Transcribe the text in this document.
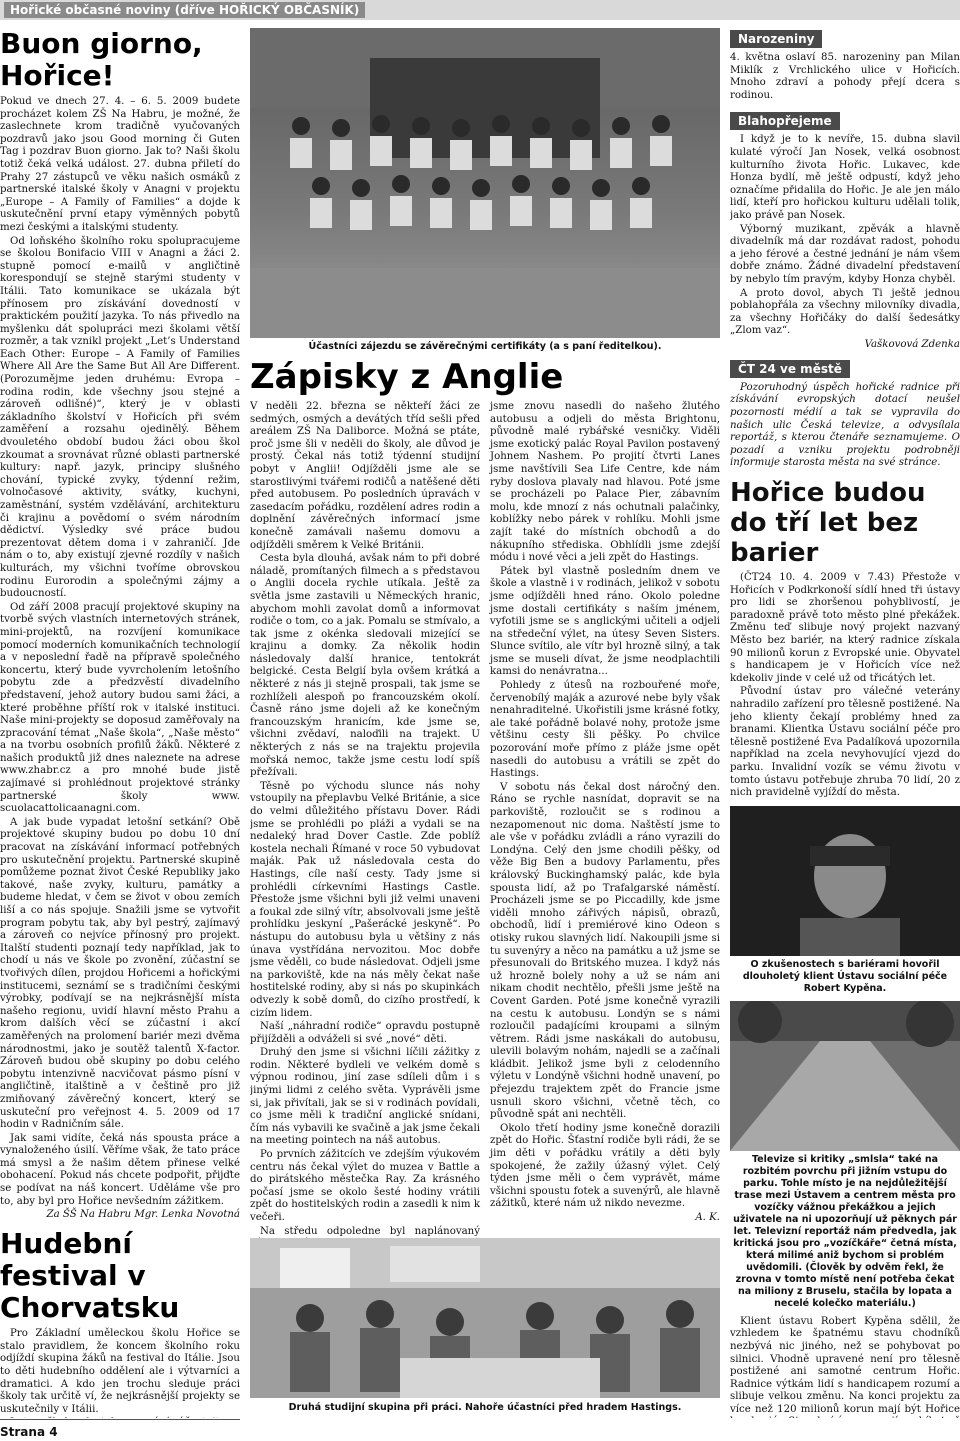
Hořické občasné noviny (dříve HOŘICKÝ OBČASNÍK)
Buon giorno, Hořice!

Pokud ve dnech 27. 4. – 6. 5. 2009 budete procházet kolem ZŠ Na Habru, je možné, že zaslechnete krom tradičně vyučovaných pozdravů jako jsou Good morning či Guten Tag i pozdrav Buon giorno. Jak to? Naši školu totiž čeká velká událost. 27. dubna přiletí do Prahy 27 zástupců ve věku našich osmáků z partnerské italské školy v Anagni v projektu „Europe – A Family of Families“ a dojde k uskutečnění první etapy výměnných pobytů mezi českými a italskými studenty.

Od loňského školního roku spolupracujeme se školou Bonifacio VIII v Anagni a žáci 2. stupně pomocí e-mailů v angličtině korespondují se stejně starými studenty v Itálii. Tato komunikace se ukázala být přínosem pro získávání dovedností v praktickém použití jazyka. To nás přivedlo na myšlenku dát spolupráci mezi školami větší rozměr, a tak vznikl projekt „Let’s Understand Each Other: Europe – A Family of Families Where All Are the Same But All Are Different. (Porozumějme jeden druhému: Evropa – rodina rodin, kde všechny jsou stejné a zároveň odlišné)“, který je v oblasti základního školství v Hořicích při svém zaměření a rozsahu ojedinělý. Během dvouletého období budou žáci obou škol zkoumat a srovnávat různé oblasti partnerské kultury: např. jazyk, principy slušného chování, typické zvyky, týdenní režim, volnočasové aktivity, svátky, kuchyni, zaměstnání, systém vzdělávání, architekturu či krajinu a povědomí o svém národním dědictví. Výsledky své práce budou prezentovat dětem doma i v zahraničí. Jde nám o to, aby existují zjevné rozdíly v našich kulturách, my všichni tvoříme obrovskou rodinu Eurorodin a společnými zájmy a budoucností.

Od září 2008 pracují projektové skupiny na tvorbě svých vlastních internetových stránek, mini-projektů, na rozvíjení komunikace pomocí moderních komunikačních technologií a v neposlední řadě na přípravě společného koncertu, který bude vyvrcholením letošního pobytu zde a předzvěstí divadelního představení, jehož autory budou sami žáci, a které proběhne příští rok v italské instituci. Naše mini-projekty se doposud zaměřovaly na zpracování témat „Naše škola“, „Naše město“ a na tvorbu osobních profilů žáků. Některé z našich produktů již dnes naleznete na adrese www.zhabr.cz a pro mnohé bude jistě zajímavé si prohlédnout projektové stránky partnerské školy www. scuolacattolicaanagni.com.

A jak bude vypadat letošní setkání? Obě projektové skupiny budou po dobu 10 dní pracovat na získávání informací potřebných pro uskutečnění projektu. Partnerské skupině pomůžeme poznat život České Republiky jako takové, naše zvyky, kulturu, památky a budeme hledat, v čem se život v obou zemích liší a co nás spojuje. Snažili jsme se vytvořit program pobytu tak, aby byl pestrý, zajímavý a zároveň co nejvíce přínosný pro projekt. Italští studenti poznají tedy například, jak to chodí u nás ve škole po zvonění, zúčastní se tvořivých dílen, projdou Hořicemi a hořickými institucemi, seznámí se s tradičními českými výrobky, podívají se na nejkrásnější místa našeho regionu, uvidí hlavní město Prahu a krom dalších věcí se zúčastní i akcí zaměřených na prolomení bariér mezi dvěma národnostmi, jako je soutěž talentů X-factor. Zároveň budou obě skupiny po dobu celého pobytu intenzivně nacvičovat pásmo písní v angličtině, italštině a v češtině pro již zmiňovaný závěrečný koncert, který se uskuteční pro veřejnost 4. 5. 2009 od 17 hodin v Radničním sále.

Jak sami vidíte, čeká nás spousta práce a vynaloženého úsilí. Věříme však, že tato práce má smysl a že našim dětem přinese velké obohacení. Pokud nás chcete podpořit, přijďte se podívat na náš koncert. Uděláme vše pro to, aby byl pro Hořice nevšedním zážitkem.

Za ŠŠ Na Habru Mgr. Lenka Novotná
Hudební festival v Chorvatsku

Pro Základní uměleckou školu Hořice se stalo pravidlem, že koncem školního roku odjíždí skupina žáků na festival do Itálie. Jsou to děti hudebního oddělení ale i výtvarníci a dramatici. A kdo jen trochu sleduje práci školy tak určitě ví, že nejkrásnější projekty se uskutečnily v Itálii.

Účastníci zájezdu se závěrečnými certifikáty (a s paní ředitelkou).
Zápisky z Anglie

V neděli 22. března se někteří žáci ze sedmých, osmých a devátých tříd sešli před areálem ZŠ Na Daliborce. Možná se ptáte, proč jsme šli v neděli do školy, ale důvod je prostý. Čekal nás totiž týdenní studijní pobyt v Anglii! Odjížděli jsme ale se starostlivými tvářemi rodičů a natěšené děti před autobusem. Po posledních úpravách v zasedacím pořádku, rozdělení adres rodin a doplnění závěrečných informací jsme konečně zamávali našemu domovu a odjížděli směrem k Velké Británii.

Cesta byla dlouhá, avšak nám to při dobré náladě, promítaných filmech a s představou o Anglii docela rychle utíkala. Ještě za světla jsme zastavili u Německých hranic, abychom mohli zavolat domů a informovat rodiče o tom, co a jak. Pomalu se stmívalo, a tak jsme z okénka sledovali mizející se krajinu a domky. Za několik hodin následovaly další hranice, tentokrát belgické. Cesta Belgií byla ovšem krátká a některé z nás ji stejně prospali, tak jsme se rozhlíželi alespoň po francouzském okolí. Časně ráno jsme dojeli až ke konečným francouzským hranicím, kde jsme se, všichni zvědaví, naloďili na trajekt. U některých z nás se na trajektu projevila mořská nemoc, takže jsme cestu lodí spíš přežívali.

Těsně po východu slunce nás nohy vstoupily na přeplavbu Velké Británie, a sice do velmi důležitého přístavu Dover. Rádi jsme se prohlédli po pláži a vydali se na nedaleký hrad Dover Castle. Zde poblíž kostela nechali Římané v roce 50 vybudovat maják. Pak už následovala cesta do Hastings, cíle naší cesty. Tady jsme si prohlédli církevními Hastings Castle. Přestože jsme všichni byli již velmi unaveni a foukal zde silný vítr, absolvovali jsme ještě prohlídku jeskyní „Pašerácké jeskyně“. Po nástupu do autobusu byla u většiny z nás únava vystřídána nervozitou. Moc dobře jsme věděli, co bude následovat. Odjeli jsme na parkoviště, kde na nás měly čekat naše hostitelské rodiny, aby si nás po skupinkách odvezly k sobě domů, do cizího prostředí, k cizím lidem.

Naší „náhradní rodiče“ opravdu postupně přijížděli a odváželi si své „nové“ děti.

Druhý den jsme si všichni líčili zážitky z rodin. Některé bydleli ve velkém domě s výpnou rodinou, jiní zase sdíleli dům i s jinými lidmi z celého světa. Vyprávěli jsme si, jak přivítali, jak se si v rodinách povídali, co jsme měli k tradiční anglické snídani, čím nás vybavili ke svačině a jak jsme čekali na meeting pointech na náš autobus.

Po prvních zážitcích ve zdejším výukovém centru nás čekal výlet do muzea v Battle a do pirátského městečka Ray. Za krásného počasí jsme se okolo šesté hodiny vrátili zpět do hostitelských rodin a zasedli k nim k večeři.

Na středu odpoledne byl naplánovaný

jsme znovu nasedli do našeho žlutého autobusu a odjeli do města Brightonu, původně malé rybářské vesničky. Viděli jsme exotický palác Royal Pavilon postavený Johnem Nashem. Po projití čtvrti Lanes jsme navštívili Sea Life Centre, kde nám ryby doslova plavaly nad hlavou. Poté jsme se procházeli po Palace Pier, zábavním molu, kde mnozí z nás ochutnali palačinky, koblížky nebo párek v rohlíku. Mohli jsme zajít také do místních obchodů a do nákupního střediska. Obhlídli jsme zdejší módu i nové věci a jeli zpět do Hastings.

Pátek byl vlastně posledním dnem ve škole a vlastně i v rodinách, jelikož v sobotu jsme odjížděli hned ráno. Okolo poledne jsme dostali certifikáty s naším jménem, vyfotili jsme se s anglickými učiteli a odjeli na středeční výlet, na útesy Seven Sisters. Slunce svítilo, ale vítr byl hrozně silný, a tak jsme se museli dívat, že jsme neodplachtili kamsi do nenávratna...

Pohledy z útesů na rozbouřené moře, červenobílý maják a azurové nebe byly však nenahraditelné. Ukořistili jsme krásné fotky, ale také pořádně bolavé nohy, protože jsme většinu cesty šli pěšky. Po chvilce pozorování moře přímo z pláže jsme opět nasedli do autobusu a vrátili se zpět do Hastings.

V sobotu nás čekal dost náročný den. Ráno se rychle nasnídat, dopravit se na parkoviště, rozloučit se s rodinou a nezapomenout nic doma. Naštěstí jsme to ale vše v pořádku zvládli a ráno vyrazili do Londýna. Celý den jsme chodili pěšky, od věže Big Ben a budovy Parlamentu, přes královský Buckinghamský palác, kde byla spousta lidí, až po Trafalgarské náměstí. Procházeli jsme se po Piccadilly, kde jsme viděli mnoho zářivých nápisů, obrazů, obchodů, lidí i premiérové kino Odeon s otisky rukou slavných lidí. Nakoupili jsme si tu suvenýry a něco na památku a už jsme se přesunovali do Britského muzea. I když nás už hrozně bolely nohy a už se nám ani nikam chodit nechtělo, přešli jsme ještě na Covent Garden. Poté jsme konečně vyrazili na cestu k autobusu. Londýn se s námi rozloučil padajícími kroupami a silným větrem. Rádi jsme naskákali do autobusu, ulevili bolavým nohám, najedli se a začínali kládbit. Jelikož jsme byli z celodenního výletu v Londýně všichni hodně unavení, po přejezdu trajektem zpět do Francie jsme usnuli skoro všichni, včetně těch, co původně spát ani nechtěli.

Okolo třetí hodiny jsme konečně dorazili zpět do Hořic. Šťastní rodiče byli rádi, že se jim děti v pořádku vrátily a děti byly spokojené, že zažily úžasný výlet. Celý týden jsme měli o čem vyprávět, máme všichni spoustu fotek a suvenýrů, ale hlavně zážitků, které nám už nikdo nevezme.

A. K.
Druhá studijní skupina při práci. Nahoře účastníci před hradem Hastings.
Narozeniny

4. května oslaví 85. narozeniny pan Milan Miklík z Vrchlického ulice v Hořicích. Mnoho zdraví a pohody přejí dcera s rodinou.

Blahopřejeme

I když je to k nevíře, 15. dubna slavil kulaté výročí Jan Nosek, velká osobnost kulturního života Hořic. Lukavec, kde Honza bydlí, mě ještě odpustí, když jeho označíme přidalila do Hořic. Je ale jen málo lidí, kteří pro hořickou kulturu udělali tolik, jako právě pan Nosek.

Výborný muzikant, zpěvák a hlavně divadelník má dar rozdávat radost, pohodu a jeho férové a čestné jednání je nám všem dobře známo. Žádné divadelní představení by nebylo tím pravým, kdyby Honza chyběl.

A proto dovol, abych Ti ještě jednou poblahopřála za všechny milovníky divadla, za všechny Hořičáky do další šedesátky „Zlom vaz“.

Vaškovová Zdenka
ČT 24 ve městě

Pozoruhodný úspěch hořické radnice při získávání evropských dotací neušel pozornosti médií a tak se vypravila do našich ulic Česká televize, a odvysílala reportáž, s kterou čtenáře seznamujeme. O pozadí a vzniku projektu podrobněji informuje starosta města na své stránce.

Hořice budou do tří let bez barier

(ČT24 10. 4. 2009 v 7.43) Přestože v Hořicích v Podkrkonoší sídlí hned tři ústavy pro lidi se zhoršenou pohyblivostí, je paradoxně právě toto město plné překážek. Změnu teď slibuje nový projekt nazvaný Město bez bariér, na který radnice získala 90 milionů korun z Evropské unie. Obyvatel s handicapem je v Hořicích více než kdekoliv jinde v celé už od třicátých let.

Původní ústav pro válečné veterány nahradilo zařízení pro tělesně postižené. Na jeho klienty čekají problémy hned za branami. Klientka Ústavu sociální péče pro tělesně postižené Eva Padalíková upozornila například na zcela nevyhovující vjezd do parku. Invalidní vozík se vému životu v tomto ústavu potřebuje zhruba 70 lidí, 20 z nich pravidelně vyjíždí do města.

O zkušenostech s bariérami hovořil dlouholetý klient Ústavu sociální péče Robert Kypěna.
Televize si kritiky „smlsla“ také na rozbitém povrchu při jižním vstupu do parku. Tohle místo je na nejdůležitější trase mezi Ústavem a centrem města pro vozíčky vážnou překážkou a jejich uživatele na ni upozorňují už pěknych pár let. Televizní reportáž nám předvedla, jak kritická jsou pro „vozíčkáře“ četná místa, která milimé aniž bychom si problém uvědomili. (Člověk by odvěm řekl, že zrovna v tomto místě není potřeba čekat na miliony z Bruselu, stačila by lopata a necelé kolečko materiálu.)

Klient ústavu Robert Kypěna sdělil, že vzhledem ke špatnému stavu chodníků nezbývá nic jiného, než se pohybovat po silnici. Vhodně upravené není pro tělesně postižené ani samotné centrum Hořic. Radnice výtkám lidí s handicapem rozumí a slibuje velkou změnu. Na konci projektu za více než 120 milionů korun mají být Hořice

Strana 4
